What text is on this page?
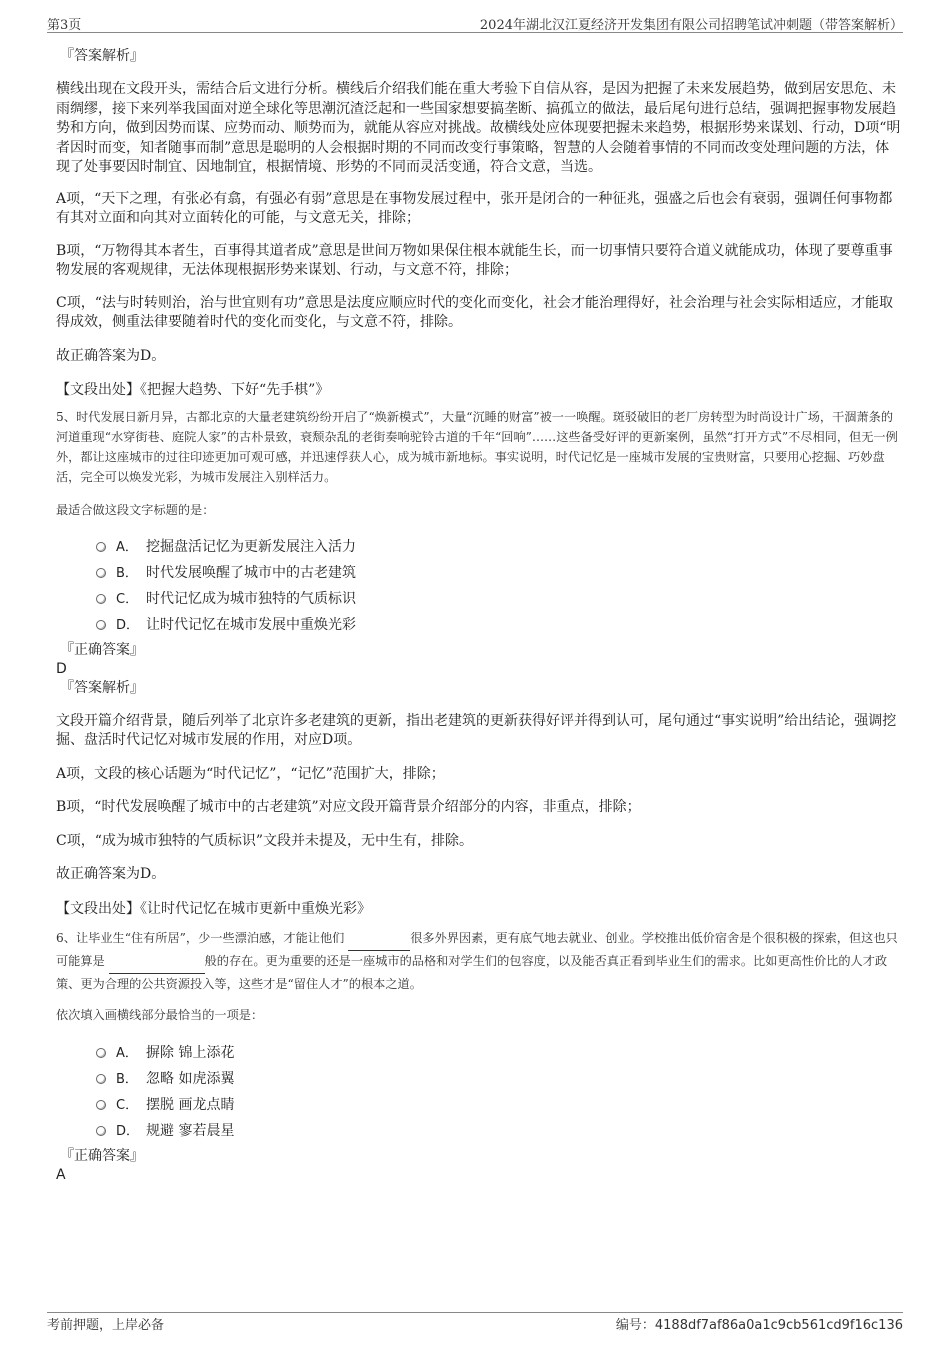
第3页	2024年湖北汉江夏经济开发集团有限公司招聘笔试冲刺题（带答案解析）
『答案解析』

横线出现在文段开头，需结合后文进行分析。横线后介绍我们能在重大考验下自信从容，是因为把握了未来发展趋势，做到居安思危、未雨绸缪，接下来列举我国面对逆全球化等思潮沉渣泛起和一些国家想要搞垄断、搞孤立的做法，最后尾句进行总结，强调把握事物发展趋势和方向，做到因势而谋、应势而动、顺势而为，就能从容应对挑战。故横线处应体现要把握未来趋势，根据形势来谋划、行动，D项“明者因时而变，知者随事而制”意思是聪明的人会根据时期的不同而改变行事策略，智慧的人会随着事情的不同而改变处理问题的方法，体现了处事要因时制宜、因地制宜，根据情境、形势的不同而灵活变通，符合文意，当选。

A项，“天下之理，有张必有翕，有强必有弱”意思是在事物发展过程中，张开是闭合的一种征兆，强盛之后也会有衰弱，强调任何事物都有其对立面和向其对立面转化的可能，与文意无关，排除；

B项，“万物得其本者生，百事得其道者成”意思是世间万物如果保住根本就能生长，而一切事情只要符合道义就能成功，体现了要尊重事物发展的客观规律，无法体现根据形势来谋划、行动，与文意不符，排除；

C项，“法与时转则治，治与世宜则有功”意思是法度应顺应时代的变化而变化，社会才能治理得好，社会治理与社会实际相适应，才能取得成效，侧重法律要随着时代的变化而变化，与文意不符，排除。

故正确答案为D。

【文段出处】《把握大趋势、下好“先手棋”》

5、时代发展日新月异，古都北京的大量老建筑纷纷开启了“焕新模式”，大量“沉睡的财富”被一一唤醒。斑驳破旧的老厂房转型为时尚设计广场，干涸萧条的河道重现“水穿街巷、庭院人家”的古朴景致，衰颓杂乱的老街奏响驼铃古道的千年“回响”……这些备受好评的更新案例，虽然“打开方式”不尽相同，但无一例外，都让这座城市的过往印迹更加可观可感，并迅速俘获人心，成为城市新地标。事实说明，时代记忆是一座城市发展的宝贵财富，只要用心挖掘、巧妙盘活，完全可以焕发光彩，为城市发展注入别样活力。

最适合做这段文字标题的是：

A． 挖掘盘活记忆为更新发展注入活力
B． 时代发展唤醒了城市中的古老建筑
C． 时代记忆成为城市独特的气质标识
D． 让时代记忆在城市发展中重焕光彩
『正确答案』
D
『答案解析』

文段开篇介绍背景，随后列举了北京许多老建筑的更新，指出老建筑的更新获得好评并得到认可，尾句通过“事实说明”给出结论，强调挖掘、盘活时代记忆对城市发展的作用，对应D项。

A项，文段的核心话题为“时代记忆”，“记忆”范围扩大，排除；

B项，“时代发展唤醒了城市中的古老建筑”对应文段开篇背景介绍部分的内容，非重点，排除；

C项，“成为城市独特的气质标识”文段并未提及，无中生有，排除。

故正确答案为D。

【文段出处】《让时代记忆在城市更新中重焕光彩》

6、让毕业生“住有所居”，少一些漂泊感，才能让他们	很多外界因素，更有底气地去就业、创业。学校推出低价宿舍是个很积极的探索，但这也只可能算是	般的存在。更为重要的还是一座城市的品格和对学生们的包容度，以及能否真正看到毕业生们的需求。比如更高性价比的人才政策、更为合理的公共资源投入等，这些才是“留住人才”的根本之道。

依次填入画横线部分最恰当的一项是：

A． 摒除 锦上添花
B． 忽略 如虎添翼
C． 摆脱 画龙点睛
D． 规避 寥若晨星
『正确答案』
A
考前押题，上岸必备	编号：4188df7af86a0a1c9cb561cd9f16c136
